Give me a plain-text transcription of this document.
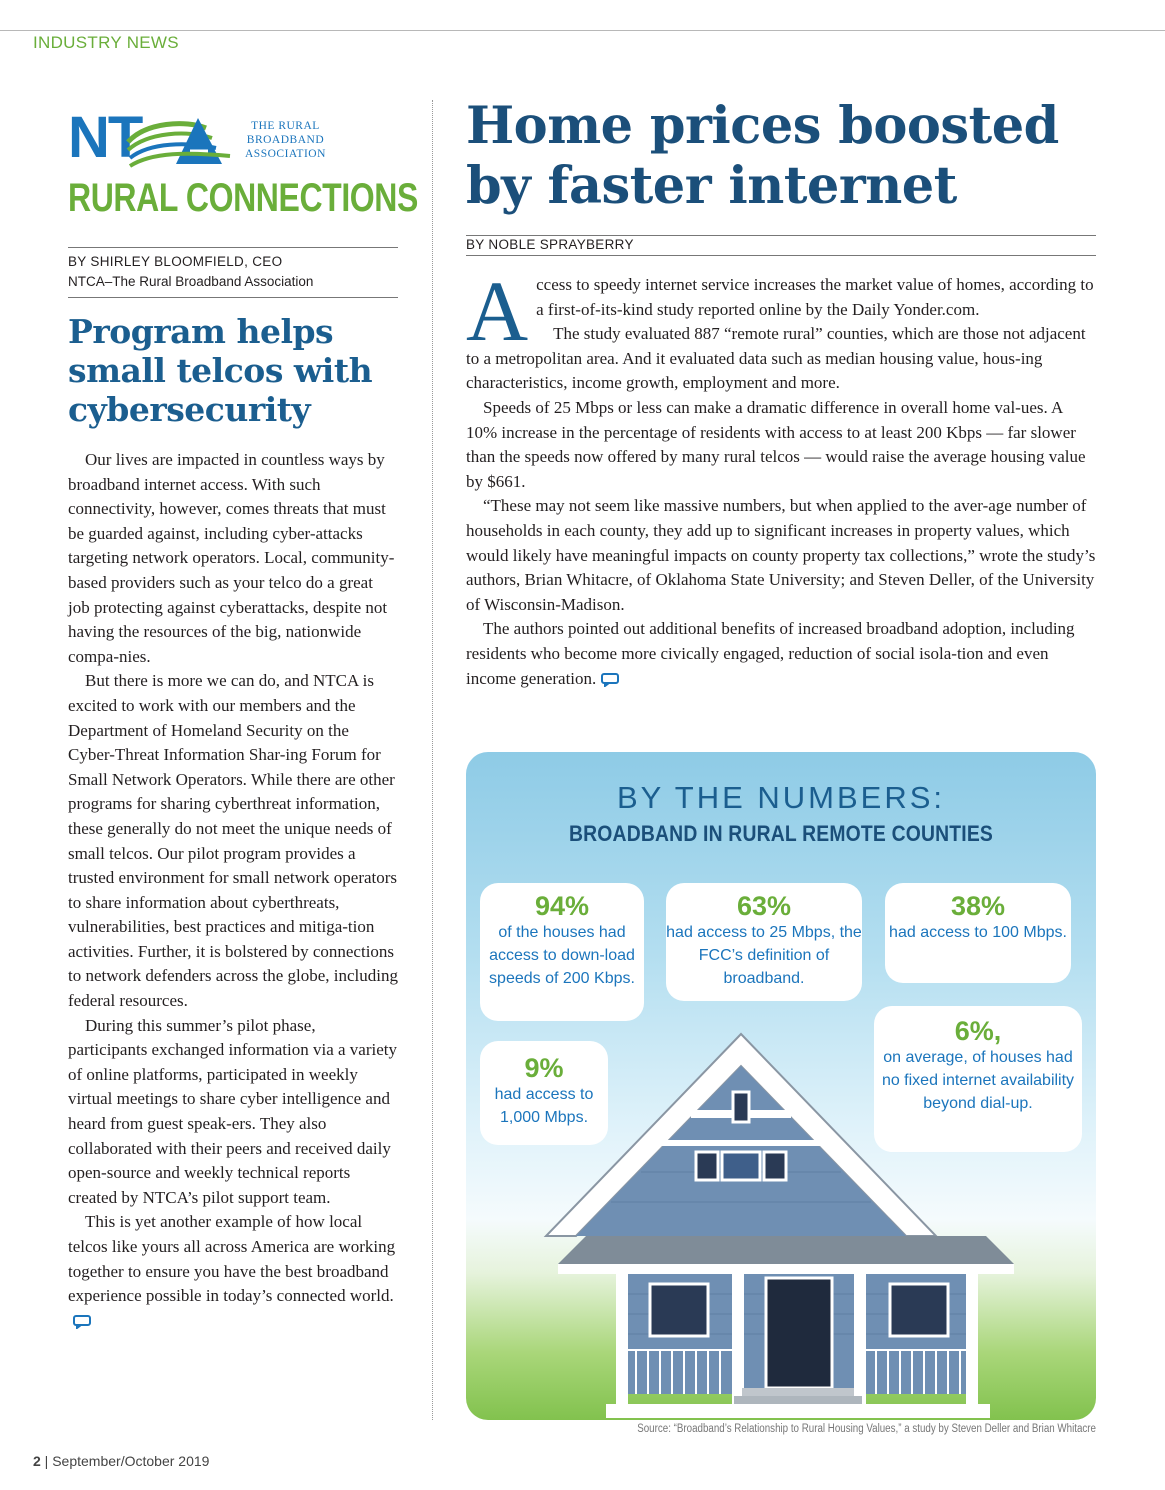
INDUSTRY NEWS
NT	THE RURAL
BROADBAND
ASSOCIATION
RURAL CONNECTIONS
BY SHIRLEY BLOOMFIELD, CEO
NTCA–The Rural Broadband Association
Program helps small telcos with cybersecurity

Our lives are impacted in countless ways by broadband internet access. With such connectivity, however, comes threats that must be guarded against, including cyber-attacks targeting network operators. Local, community-based providers such as your telco do a great job protecting against cyberattacks, despite not having the resources of the big, nationwide compa-nies.

But there is more we can do, and NTCA is excited to work with our members and the Department of Homeland Security on the Cyber-Threat Information Shar-ing Forum for Small Network Operators. While there are other programs for sharing cyberthreat information, these generally do not meet the unique needs of small telcos. Our pilot program provides a trusted environment for small network operators to share information about cyberthreats, vulnerabilities, best practices and mitiga-tion activities. Further, it is bolstered by connections to network defenders across the globe, including federal resources.

During this summer’s pilot phase, participants exchanged information via a variety of online platforms, participated in weekly virtual meetings to share cyber intelligence and heard from guest speak-ers. They also collaborated with their peers and received daily open-source and weekly technical reports created by NTCA’s pilot support team.

This is yet another example of how local telcos like yours all across America are working together to ensure you have the best broadband experience possible in today’s connected world.

Home prices boosted by faster internet
BY NOBLE SPRAYBERRY

Access to speedy internet service increases the market value of homes, according to a first-of-its-kind study reported online by the Daily Yonder.com.

The study evaluated 887 “remote rural” counties, which are those not adjacent to a metropolitan area. And it evaluated data such as median housing value, hous-ing characteristics, income growth, employment and more.

Speeds of 25 Mbps or less can make a dramatic difference in overall home val-ues. A 10% increase in the percentage of residents with access to at least 200 Kbps — far slower than the speeds now offered by many rural telcos — would raise the average housing value by $661.

“These may not seem like massive numbers, but when applied to the aver-age number of households in each county, they add up to significant increases in property values, which would likely have meaningful impacts on county property tax collections,” wrote the study’s authors, Brian Whitacre, of Oklahoma State University; and Steven Deller, of the University of Wisconsin-Madison.

The authors pointed out additional benefits of increased broadband adoption, including residents who become more civically engaged, reduction of social isola-tion and even income generation.

BY THE NUMBERS:
BROADBAND IN RURAL REMOTE COUNTIES
94%
of the houses had access to down-load speeds of 200 Kbps.
63%
had access to 25 Mbps, the FCC’s definition of broadband.
38%
had access to 100 Mbps.
9%
had access to 1,000 Mbps.
6%,
on average, of houses had no fixed internet availability beyond dial-up.
Source: “Broadband’s Relationship to Rural Housing Values,” a study by Steven Deller and Brian Whitacre
2 | September/October 2019
